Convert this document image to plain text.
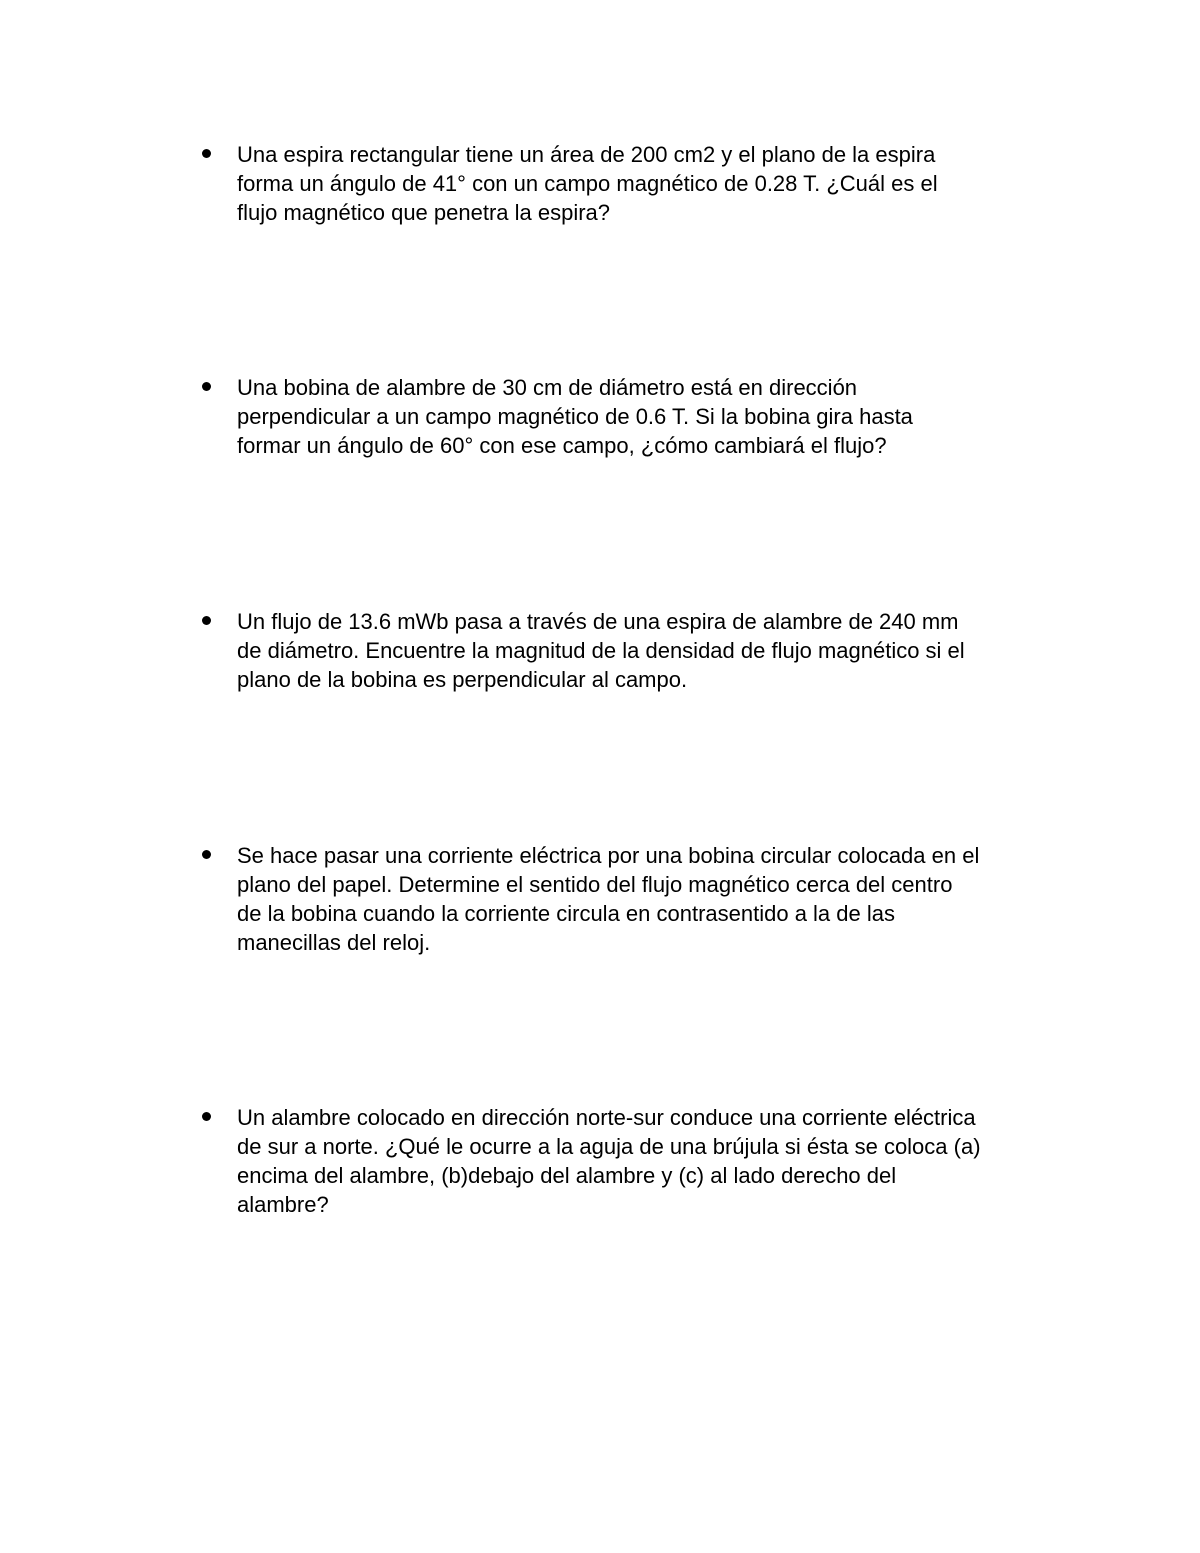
Una espira rectangular tiene un área de 200 cm2 y el plano de la espira
forma un ángulo de 41° con un campo magnético de 0.28 T. ¿Cuál es el
flujo magnético que penetra la espira?
Una bobina de alambre de 30 cm de diámetro está en dirección
perpendicular a un campo magnético de 0.6 T. Si la bobina gira hasta
formar un ángulo de 60° con ese campo, ¿cómo cambiará el flujo?
Un flujo de 13.6 mWb pasa a través de una espira de alambre de 240 mm
de diámetro. Encuentre la magnitud de la densidad de flujo magnético si el
plano de la bobina es perpendicular al campo.
Se hace pasar una corriente eléctrica por una bobina circular colocada en el
plano del papel. Determine el sentido del flujo magnético cerca del centro
de la bobina cuando la corriente circula en contrasentido a la de las
manecillas del reloj.
Un alambre colocado en dirección norte-sur conduce una corriente eléctrica
de sur a norte. ¿Qué le ocurre a la aguja de una brújula si ésta se coloca (a)
encima del alambre, (b)debajo del alambre y (c) al lado derecho del
alambre?
